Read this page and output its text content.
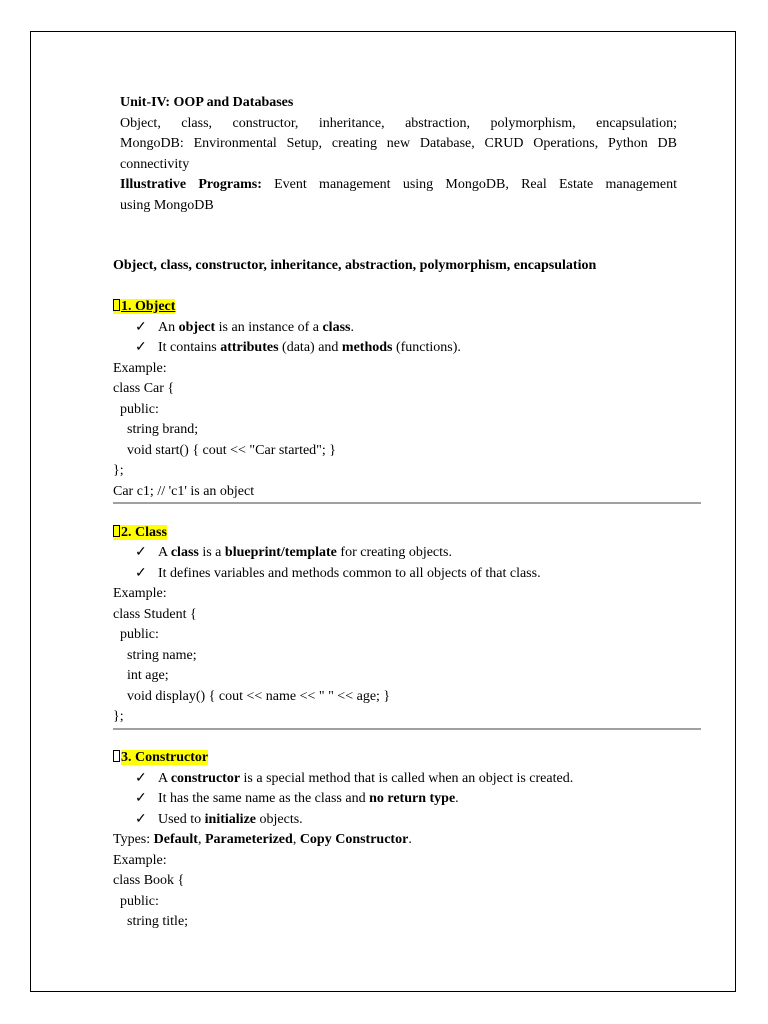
Unit-IV: OOP and Databases
Object, class, constructor, inheritance, abstraction, polymorphism, encapsulation;
MongoDB: Environmental Setup, creating new Database, CRUD Operations, Python DB
connectivity
Illustrative Programs: Event management using MongoDB, Real Estate management
using MongoDB
Object, class, constructor, inheritance, abstraction, polymorphism, encapsulation
1. Object
✓ An object is an instance of a class.
✓ It contains attributes (data) and methods (functions).
Example:
class Car {
public:
string brand;
void start() { cout << "Car started"; }
};
Car c1; // 'c1' is an object
2. Class
✓ A class is a blueprint/template for creating objects.
✓ It defines variables and methods common to all objects of that class.
Example:
class Student {
public:
string name;
int age;
void display() { cout << name << " " << age; }
};
3. Constructor
✓ A constructor is a special method that is called when an object is created.
✓ It has the same name as the class and no return type.
✓ Used to initialize objects.
Types: Default, Parameterized, Copy Constructor.
Example:
class Book {
public:
string title;
